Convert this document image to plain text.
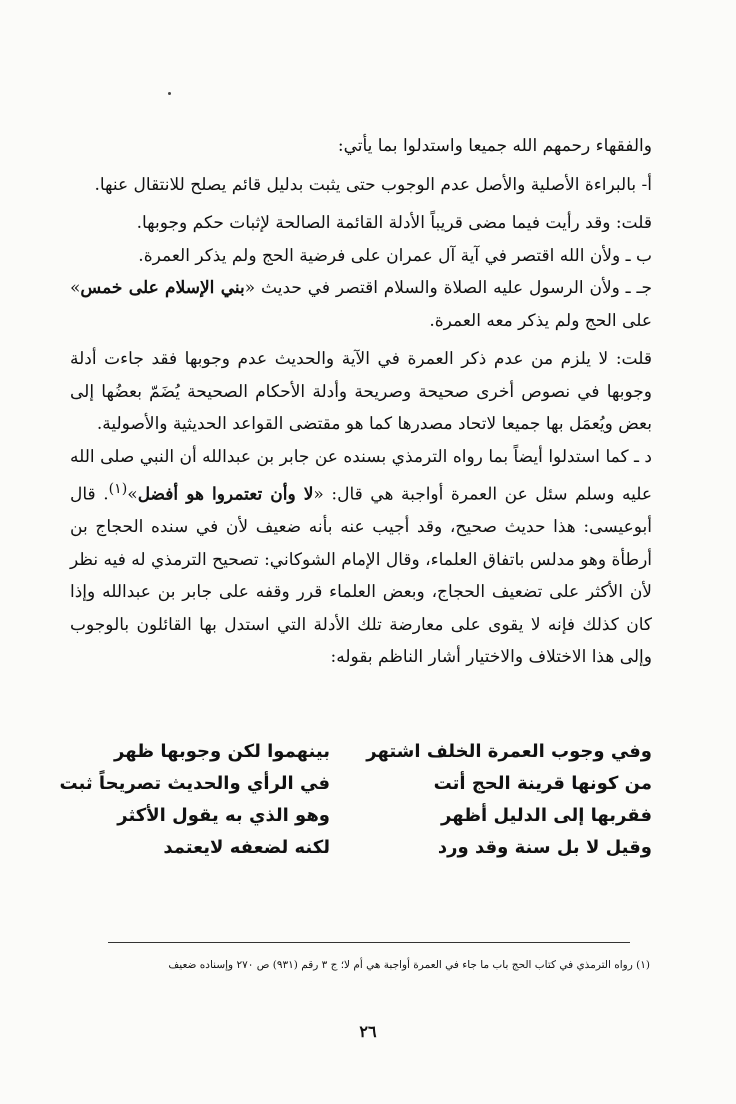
والفقهاء رحمهم الله جميعا واستدلوا بما يأتي:

أ- بالبراءة الأصلية والأصل عدم الوجوب حتى يثبت بدليل قائم يصلح للانتقال عنها.

قلت: وقد رأيت فيما مضى قريباً الأدلة القائمة الصالحة لإثبات حكم وجوبها.

ب ـ ولأن الله اقتصر في آية آل عمران على فرضية الحج ولم يذكر العمرة.

جـ ـ ولأن الرسول عليه الصلاة والسلام اقتصر في حديث «بني الإسلام على خمس» على الحج ولم يذكر معه العمرة.

قلت: لا يلزم من عدم ذكر العمرة في الآية والحديث عدم وجوبها فقد جاءت أدلة وجوبها في نصوص أخرى صحيحة وصريحة وأدلة الأحكام الصحيحة يُضَمّ بعضُها إلى بعض ويُعمَل بها جميعا لاتحاد مصدرها كما هو مقتضى القواعد الحديثية والأصولية.

د ـ كما استدلوا أيضاً بما رواه الترمذي بسنده عن جابر بن عبدالله أن النبي صلى الله عليه وسلم سئل عن العمرة أواجبة هي قال: «لا وأن تعتمروا هو أفضل»$^{(١)}$. قال أبوعيسى: هذا حديث صحيح، وقد أجيب عنه بأنه ضعيف لأن في سنده الحجاج بن أرطأة وهو مدلس باتفاق العلماء، وقال الإمام الشوكاني: تصحيح الترمذي له فيه نظر لأن الأكثر على تضعيف الحجاج، وبعض العلماء قرر وقفه على جابر بن عبدالله وإذا كان كذلك فإنه لا يقوى على معارضة تلك الأدلة التي استدل بها القائلون بالوجوب وإلى هذا الاختلاف والاختيار أشار الناظم بقوله:

وفي وجوب العمرة الخلف اشتهر
من كونها قرينة الحج أتت
فقربها إلى الدليل أظهر
وقيل لا بل سنة وقد ورد
بينهموا لكن وجوبها ظهر
في الرأي والحديث تصريحاً ثبت
وهو الذي به يقول الأكثر
لكنه لضعفه لايعتمد
(١) رواه الترمذي في كتاب الحج باب ما جاء في العمرة أواجبة هي أم لا؛ ج ٣ رقم (٩٣١) ص ٢٧٠ وإسناده ضعيف
٢٦
